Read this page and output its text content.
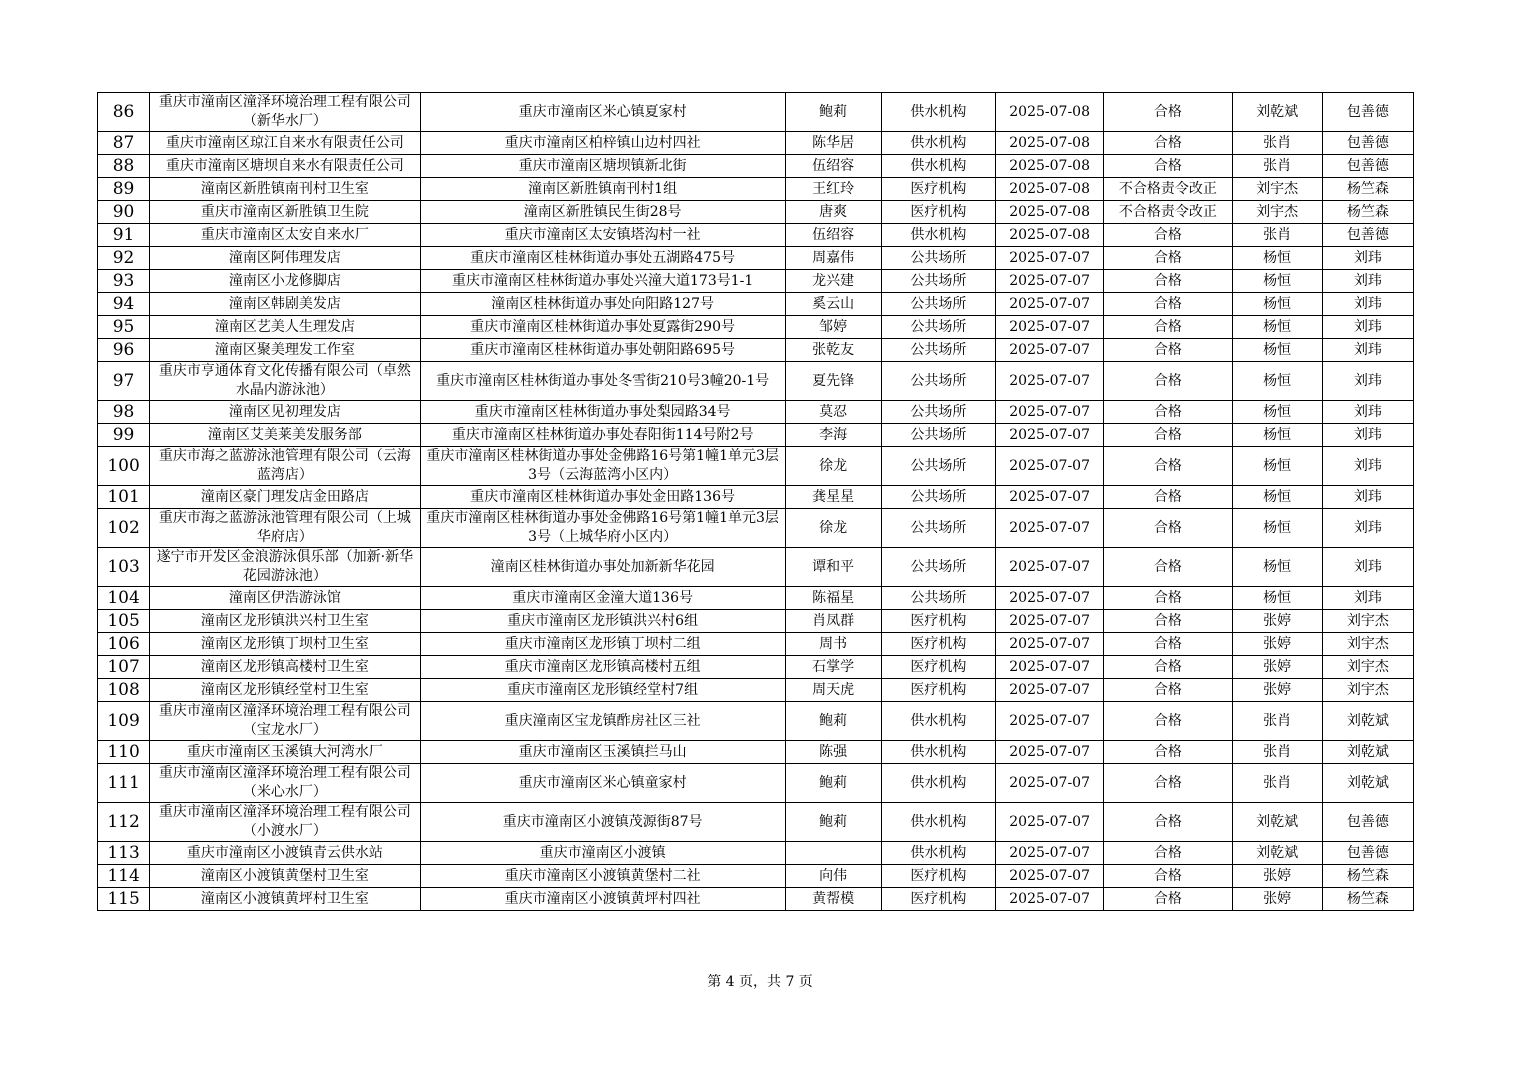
86	重庆市潼南区潼泽环境治理工程有限公司（新华水厂）	重庆市潼南区米心镇夏家村	鲍莉	供水机构	2025-07-08	合格	刘乾斌	包善德
87	重庆市潼南区琼江自来水有限责任公司	重庆市潼南区柏梓镇山边村四社	陈华居	供水机构	2025-07-08	合格	张肖	包善德
88	重庆市潼南区塘坝自来水有限责任公司	重庆市潼南区塘坝镇新北街	伍绍容	供水机构	2025-07-08	合格	张肖	包善德
89	潼南区新胜镇南刊村卫生室	潼南区新胜镇南刊村1组	王红玲	医疗机构	2025-07-08	不合格责令改正	刘宇杰	杨竺森
90	重庆市潼南区新胜镇卫生院	潼南区新胜镇民生街28号	唐爽	医疗机构	2025-07-08	不合格责令改正	刘宇杰	杨竺森
91	重庆市潼南区太安自来水厂	重庆市潼南区太安镇塔沟村一社	伍绍容	供水机构	2025-07-08	合格	张肖	包善德
92	潼南区阿伟理发店	重庆市潼南区桂林街道办事处五湖路475号	周嘉伟	公共场所	2025-07-07	合格	杨恒	刘玮
93	潼南区小龙修脚店	重庆市潼南区桂林街道办事处兴潼大道173号1-1	龙兴建	公共场所	2025-07-07	合格	杨恒	刘玮
94	潼南区韩剧美发店	潼南区桂林街道办事处向阳路127号	奚云山	公共场所	2025-07-07	合格	杨恒	刘玮
95	潼南区艺美人生理发店	重庆市潼南区桂林街道办事处夏露街290号	邹婷	公共场所	2025-07-07	合格	杨恒	刘玮
96	潼南区聚美理发工作室	重庆市潼南区桂林街道办事处朝阳路695号	张乾友	公共场所	2025-07-07	合格	杨恒	刘玮
97	重庆市亨通体育文化传播有限公司（卓然水晶内游泳池）	重庆市潼南区桂林街道办事处冬雪街210号3幢20-1号	夏先锋	公共场所	2025-07-07	合格	杨恒	刘玮
98	潼南区见初理发店	重庆市潼南区桂林街道办事处梨园路34号	莫忍	公共场所	2025-07-07	合格	杨恒	刘玮
99	潼南区艾美莱美发服务部	重庆市潼南区桂林街道办事处春阳街114号附2号	李海	公共场所	2025-07-07	合格	杨恒	刘玮
100	重庆市海之蓝游泳池管理有限公司（云海蓝湾店）	重庆市潼南区桂林街道办事处金佛路16号第1幢1单元3层3号（云海蓝湾小区内）	徐龙	公共场所	2025-07-07	合格	杨恒	刘玮
101	潼南区豪门理发店金田路店	重庆市潼南区桂林街道办事处金田路136号	龚星星	公共场所	2025-07-07	合格	杨恒	刘玮
102	重庆市海之蓝游泳池管理有限公司（上城华府店）	重庆市潼南区桂林街道办事处金佛路16号第1幢1单元3层3号（上城华府小区内）	徐龙	公共场所	2025-07-07	合格	杨恒	刘玮
103	遂宁市开发区金浪游泳俱乐部（加新·新华花园游泳池）	潼南区桂林街道办事处加新新华花园	谭和平	公共场所	2025-07-07	合格	杨恒	刘玮
104	潼南区伊浩游泳馆	重庆市潼南区金潼大道136号	陈福星	公共场所	2025-07-07	合格	杨恒	刘玮
105	潼南区龙形镇洪兴村卫生室	重庆市潼南区龙形镇洪兴村6组	肖凤群	医疗机构	2025-07-07	合格	张婷	刘宇杰
106	潼南区龙形镇丁坝村卫生室	重庆市潼南区龙形镇丁坝村二组	周书	医疗机构	2025-07-07	合格	张婷	刘宇杰
107	潼南区龙形镇高楼村卫生室	重庆市潼南区龙形镇高楼村五组	石掌学	医疗机构	2025-07-07	合格	张婷	刘宇杰
108	潼南区龙形镇经堂村卫生室	重庆市潼南区龙形镇经堂村7组	周天虎	医疗机构	2025-07-07	合格	张婷	刘宇杰
109	重庆市潼南区潼泽环境治理工程有限公司（宝龙水厂）	重庆潼南区宝龙镇酢房社区三社	鲍莉	供水机构	2025-07-07	合格	张肖	刘乾斌
110	重庆市潼南区玉溪镇大河湾水厂	重庆市潼南区玉溪镇拦马山	陈强	供水机构	2025-07-07	合格	张肖	刘乾斌
111	重庆市潼南区潼泽环境治理工程有限公司（米心水厂）	重庆市潼南区米心镇童家村	鲍莉	供水机构	2025-07-07	合格	张肖	刘乾斌
112	重庆市潼南区潼泽环境治理工程有限公司（小渡水厂）	重庆市潼南区小渡镇茂源街87号	鲍莉	供水机构	2025-07-07	合格	刘乾斌	包善德
113	重庆市潼南区小渡镇青云供水站	重庆市潼南区小渡镇		供水机构	2025-07-07	合格	刘乾斌	包善德
114	潼南区小渡镇黄堡村卫生室	重庆市潼南区小渡镇黄堡村二社	向伟	医疗机构	2025-07-07	合格	张婷	杨竺森
115	潼南区小渡镇黄坪村卫生室	重庆市潼南区小渡镇黄坪村四社	黄帮模	医疗机构	2025-07-07	合格	张婷	杨竺森
第 4 页，共 7 页
